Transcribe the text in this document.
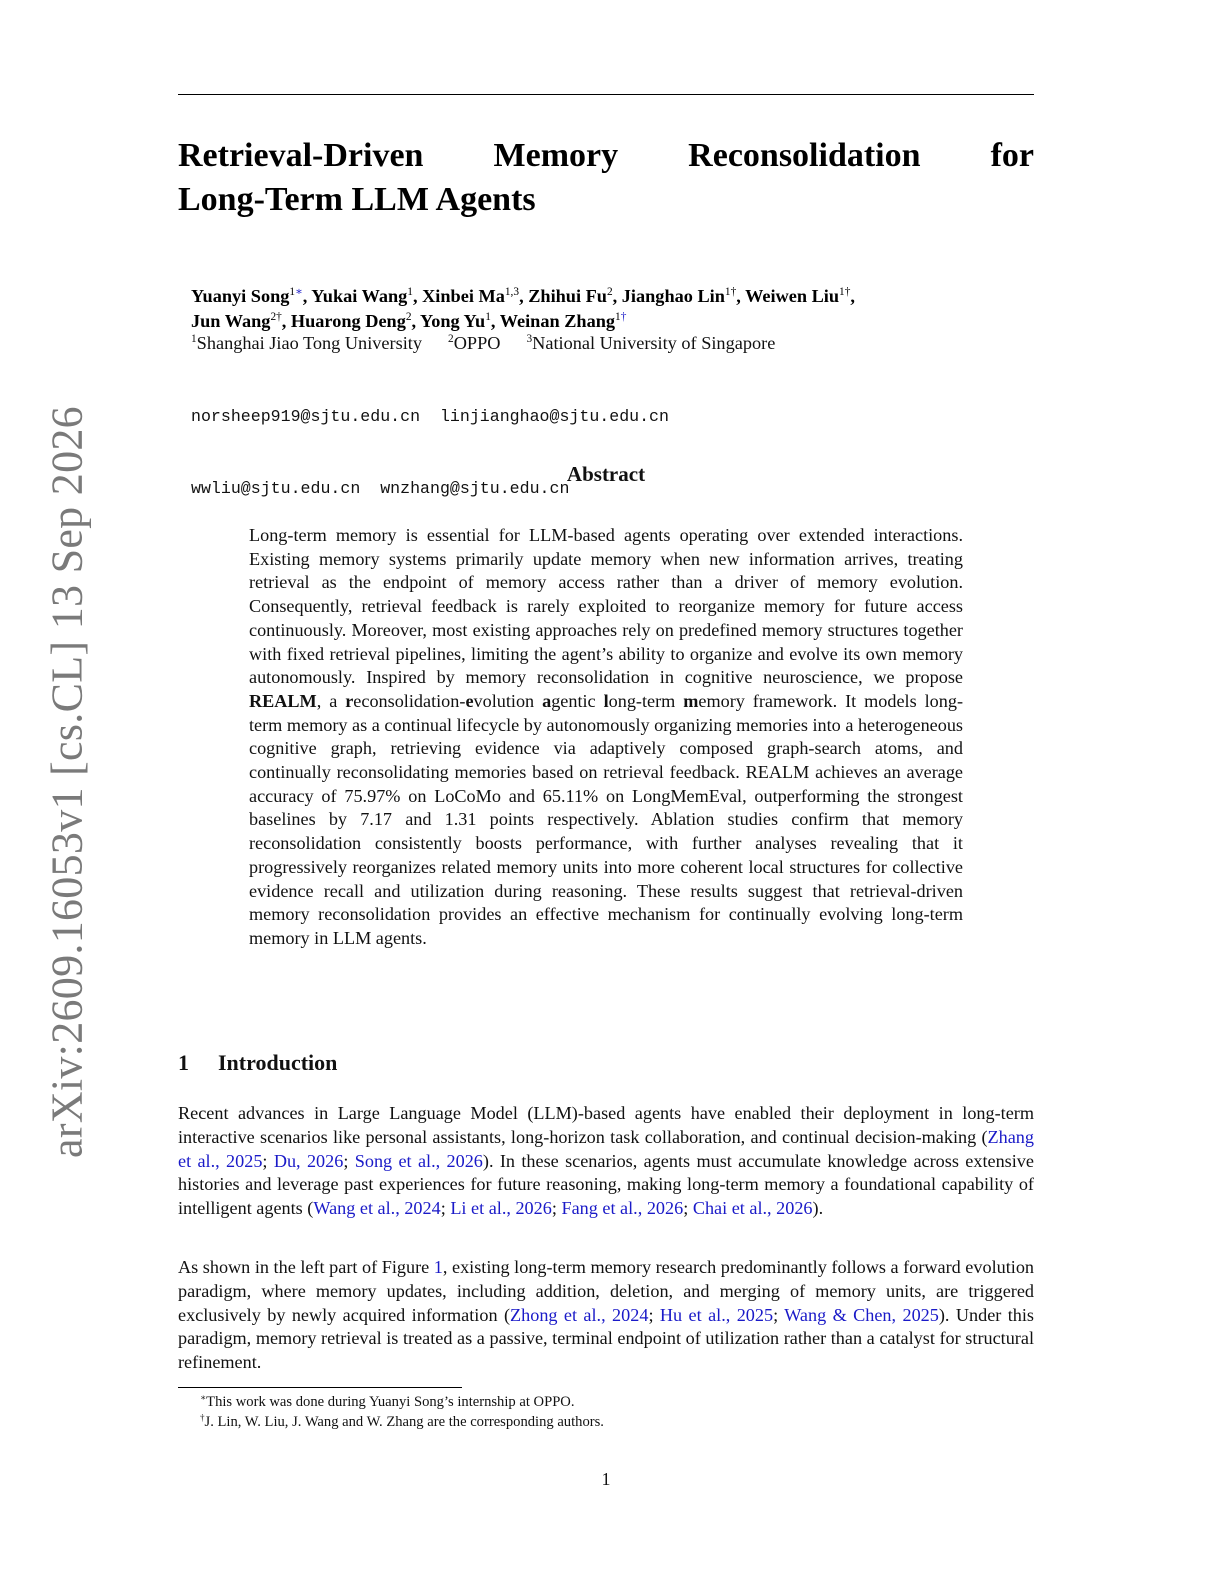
arXiv:2609.16053v1 [cs.CL] 13 Sep 2026
Retrieval-Driven Memory Reconsolidation for
Long-Term LLM Agents
Yuanyi Song$^{1∗}$, Yukai Wang$^1$, Xinbei Ma$^{1,3}$, Zhihui Fu$^2$, Jianghao Lin$^{1\dagger}$, Weiwen Liu$^{1\dagger}$,
Jun Wang$^{2\dagger}$, Huarong Deng$^2$, Yong Yu$^1$, Weinan Zhang$^{1\dagger}$
$^1$Shanghai Jiao Tong University $^2$OPPO $^3$National University of Singapore

norsheep919@sjtu.edu.cn  linjianghao@sjtu.edu.cn

wwliu@sjtu.edu.cn  wnzhang@sjtu.edu.cn

Abstract
Long-term memory is essential for LLM-based agents operating over extended interactions. Existing memory systems primarily update memory when new information arrives, treating retrieval as the endpoint of memory access rather than a driver of memory evolution. Consequently, retrieval feedback is rarely exploited to reorganize memory for future access continuously. Moreover, most existing approaches rely on predefined memory structures together with fixed retrieval pipelines, limiting the agent’s ability to organize and evolve its own memory autonomously. Inspired by memory reconsolidation in cognitive neuroscience, we propose REALM, a reconsolidation-evolution agentic long-term memory framework. It models long-term memory as a continual lifecycle by autonomously organizing memories into a heterogeneous cognitive graph, retrieving evidence via adaptively composed graph-search atoms, and continually reconsolidating memories based on retrieval feedback. REALM achieves an average accuracy of 75.97% on LoCoMo and 65.11% on LongMemEval, outperforming the strongest baselines by 7.17 and 1.31 points respectively. Ablation studies confirm that memory reconsolidation consistently boosts performance, with further analyses revealing that it progressively reorganizes related memory units into more coherent local structures for collective evidence recall and utilization during reasoning. These results suggest that retrieval-driven memory reconsolidation provides an effective mechanism for continually evolving long-term memory in LLM agents.
1 Introduction

Recent advances in Large Language Model (LLM)-based agents have enabled their deployment in long-term interactive scenarios like personal assistants, long-horizon task collaboration, and continual decision-making (Zhang et al., 2025; Du, 2026; Song et al., 2026). In these scenarios, agents must accumulate knowledge across extensive histories and leverage past experiences for future reasoning, making long-term memory a foundational capability of intelligent agents (Wang et al., 2024; Li et al., 2026; Fang et al., 2026; Chai et al., 2026).

As shown in the left part of Figure 1, existing long-term memory research predominantly follows a forward evolution paradigm, where memory updates, including addition, deletion, and merging of memory units, are triggered exclusively by newly acquired information (Zhong et al., 2024; Hu et al., 2025; Wang & Chen, 2025). Under this paradigm, memory retrieval is treated as a passive, terminal endpoint of utilization rather than a catalyst for structural refinement.

∗This work was done during Yuanyi Song’s internship at OPPO.
†J. Lin, W. Liu, J. Wang and W. Zhang are the corresponding authors.
1
